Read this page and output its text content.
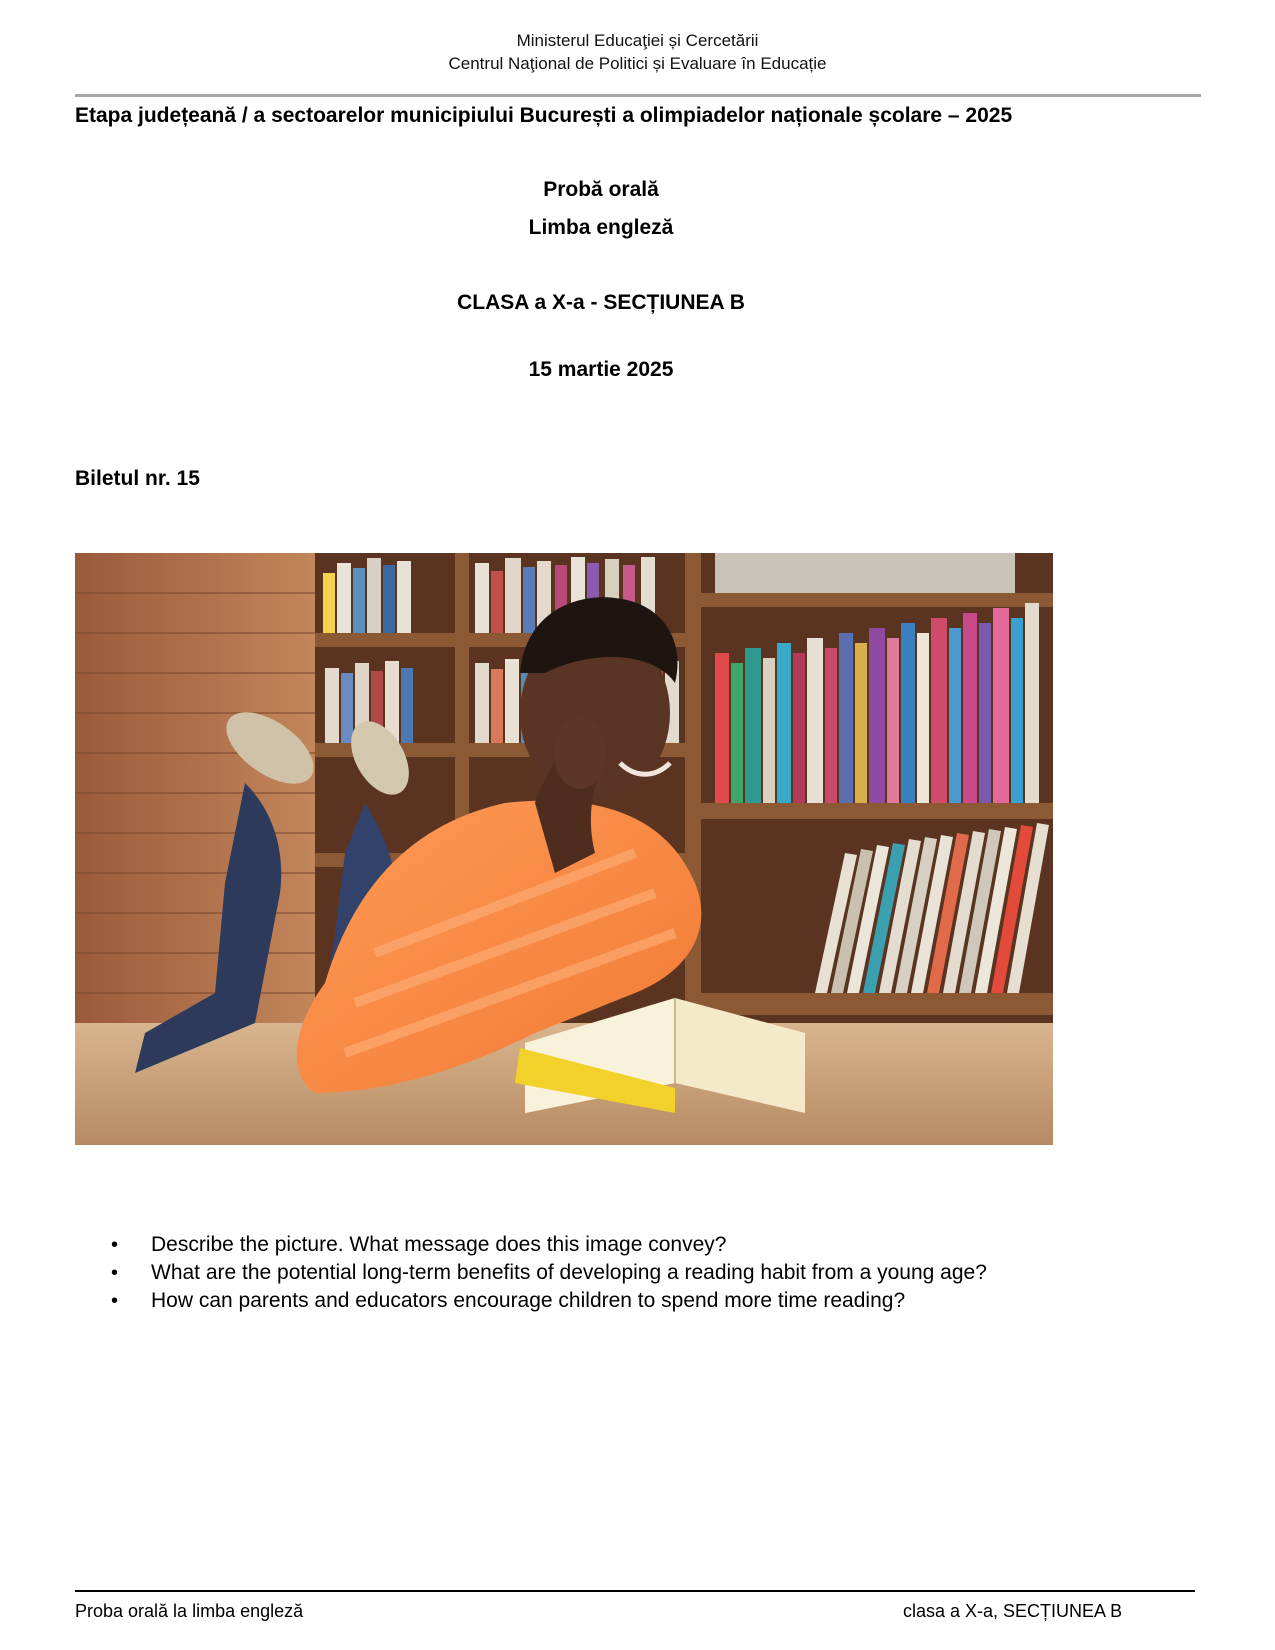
Ministerul Educaţiei și Cercetării
Centrul Naţional de Politici și Evaluare în Educație
Etapa județeană / a sectoarelor municipiului București a olimpiadelor naționale școlare – 2025
Probă orală
Limba engleză
CLASA a X-a - SECȚIUNEA B
15 martie 2025
Biletul nr. 15
• Describe the picture. What message does this image convey?
• What are the potential long-term benefits of developing a reading habit from a young age?
• How can parents and educators encourage children to spend more time reading?
Proba orală la limba engleză	clasa a X-a, SECȚIUNEA B
